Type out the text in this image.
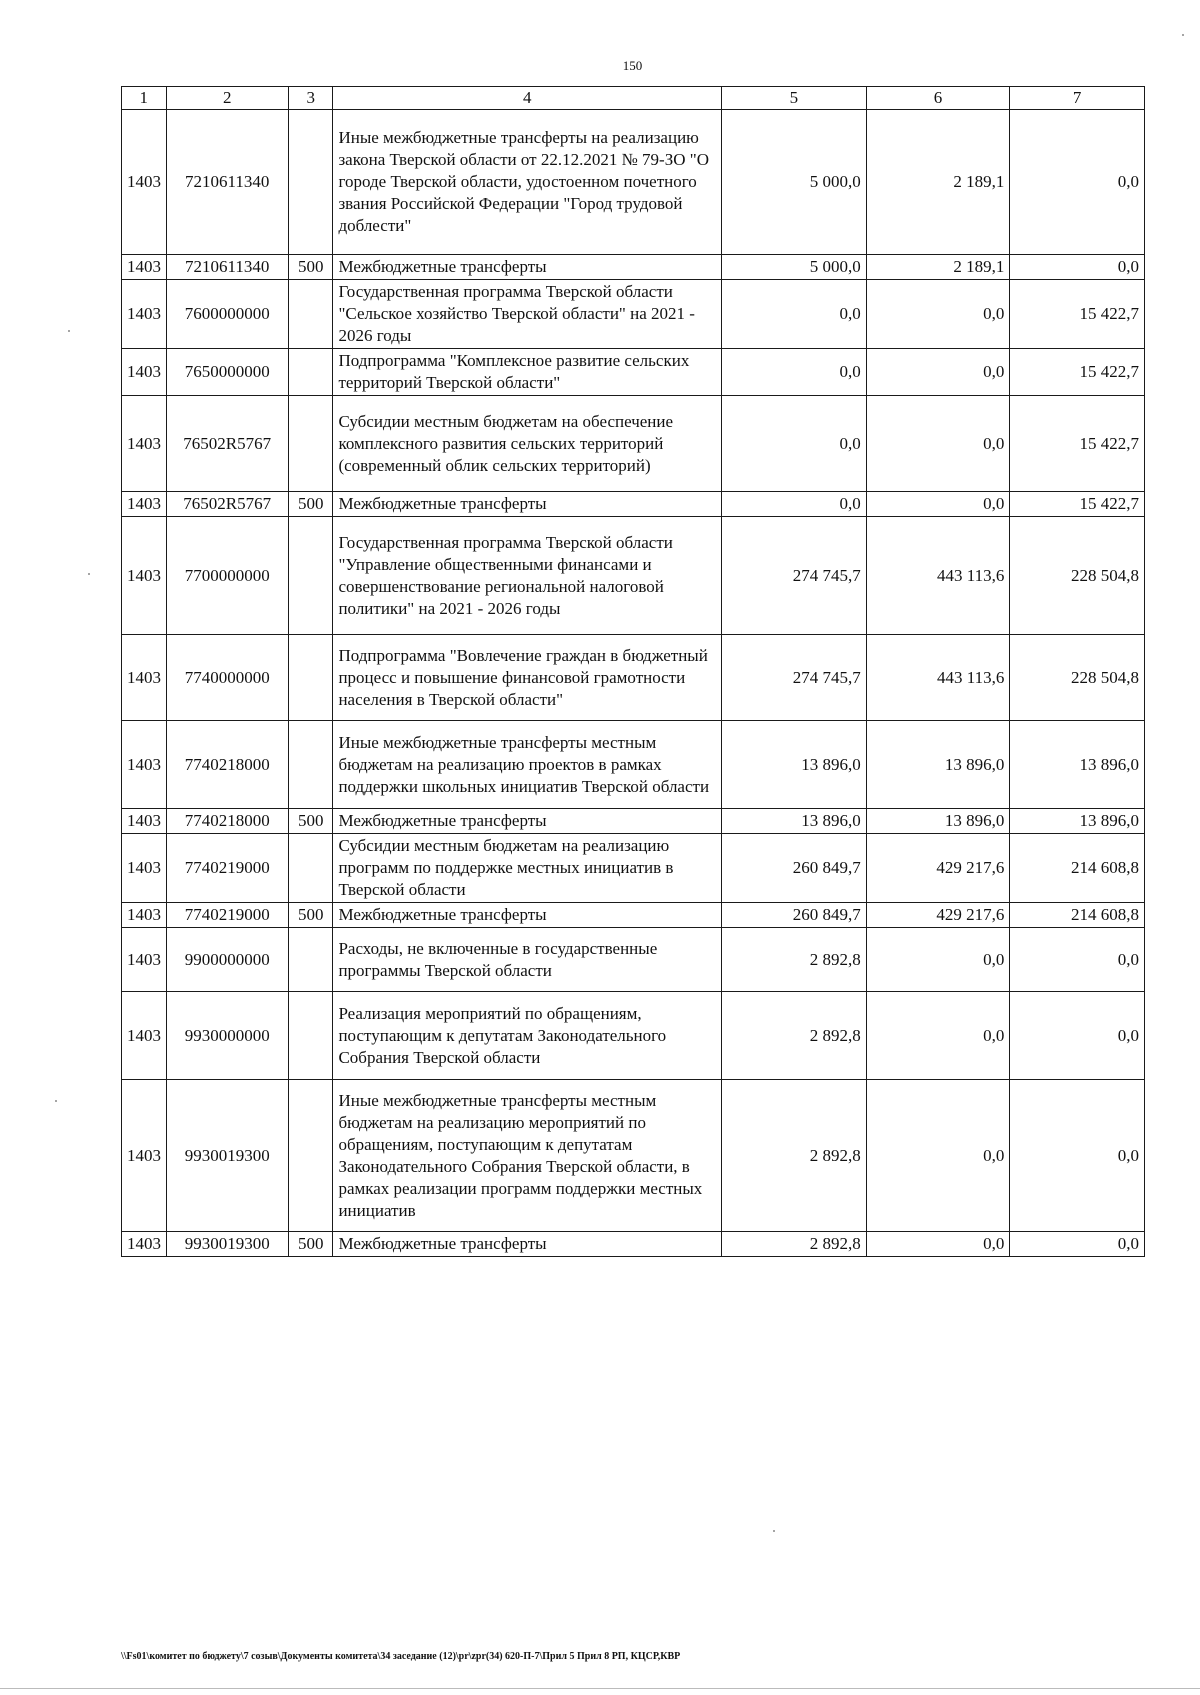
150
1	2	3	4	5	6	7
1403	7210611340		Иные межбюджетные трансферты на реализацию закона Тверской области от 22.12.2021 № 79-ЗО "О городе Тверской области, удостоенном почетного звания Российской Федерации "Город трудовой доблести"	5 000,0	2 189,1	0,0
1403	7210611340	500	Межбюджетные трансферты	5 000,0	2 189,1	0,0
1403	7600000000		Государственная программа Тверской области "Сельское хозяйство Тверской области" на 2021 - 2026 годы	0,0	0,0	15 422,7
1403	7650000000		Подпрограмма "Комплексное развитие сельских территорий Тверской области"	0,0	0,0	15 422,7
1403	76502R5767		Субсидии местным бюджетам на обеспечение комплексного развития сельских территорий (современный облик сельских территорий)	0,0	0,0	15 422,7
1403	76502R5767	500	Межбюджетные трансферты	0,0	0,0	15 422,7
1403	7700000000		Государственная программа Тверской области "Управление общественными финансами и совершенствование региональной налоговой политики" на 2021 - 2026 годы	274 745,7	443 113,6	228 504,8
1403	7740000000		Подпрограмма "Вовлечение граждан в бюджетный процесс и повышение финансовой грамотности населения в Тверской области"	274 745,7	443 113,6	228 504,8
1403	7740218000		Иные межбюджетные трансферты местным бюджетам на реализацию проектов в рамках поддержки школьных инициатив Тверской области	13 896,0	13 896,0	13 896,0
1403	7740218000	500	Межбюджетные трансферты	13 896,0	13 896,0	13 896,0
1403	7740219000		Субсидии местным бюджетам на реализацию программ по поддержке местных инициатив в Тверской области	260 849,7	429 217,6	214 608,8
1403	7740219000	500	Межбюджетные трансферты	260 849,7	429 217,6	214 608,8
1403	9900000000		Расходы, не включенные в государственные программы Тверской области	2 892,8	0,0	0,0
1403	9930000000		Реализация мероприятий по обращениям, поступающим к депутатам Законодательного Собрания Тверской области	2 892,8	0,0	0,0
1403	9930019300		Иные межбюджетные трансферты местным бюджетам на реализацию мероприятий по обращениям, поступающим к депутатам Законодательного Собрания Тверской области, в рамках реализации программ поддержки местных инициатив	2 892,8	0,0	0,0
1403	9930019300	500	Межбюджетные трансферты	2 892,8	0,0	0,0
\\Fs01\комитет по бюджету\7 созыв\Документы комитета\34 заседание (12)\pr\zpr(34) 620-П-7\Прил 5 Прил 8 РП, КЦСР,КВР
